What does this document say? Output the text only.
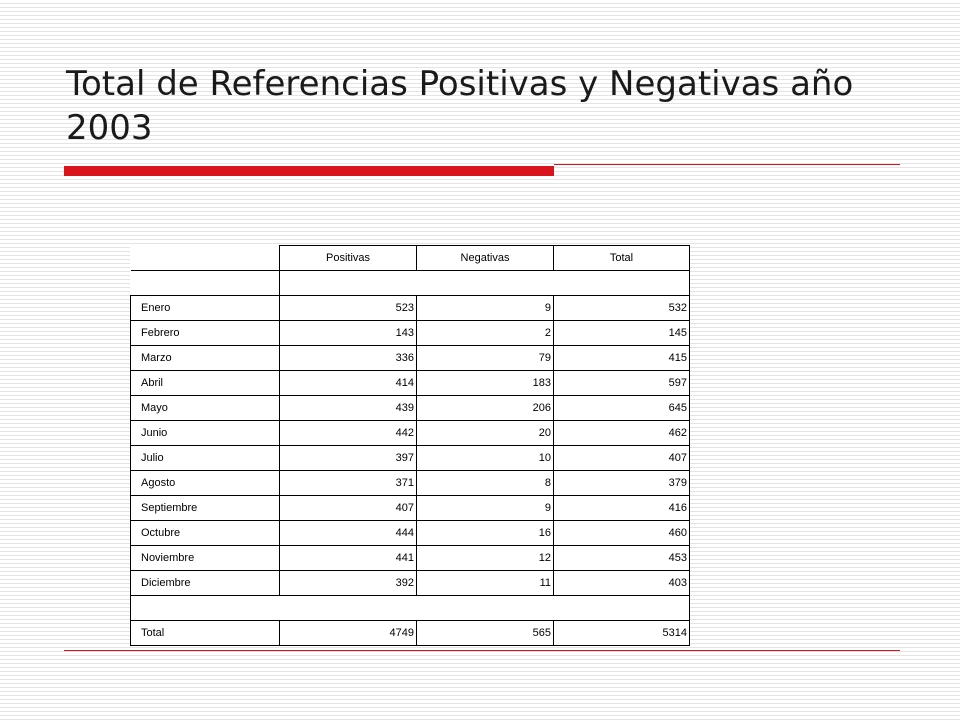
Total de Referencias Positivas y Negativas año 2003
	Positivas	Negativas	Total

Enero	523	9	532
Febrero	143	2	145
Marzo	336	79	415
Abril	414	183	597
Mayo	439	206	645
Junio	442	20	462
Julio	397	10	407
Agosto	371	8	379
Septiembre	407	9	416
Octubre	444	16	460
Noviembre	441	12	453
Diciembre	392	11	403

Total	4749	565	5314
